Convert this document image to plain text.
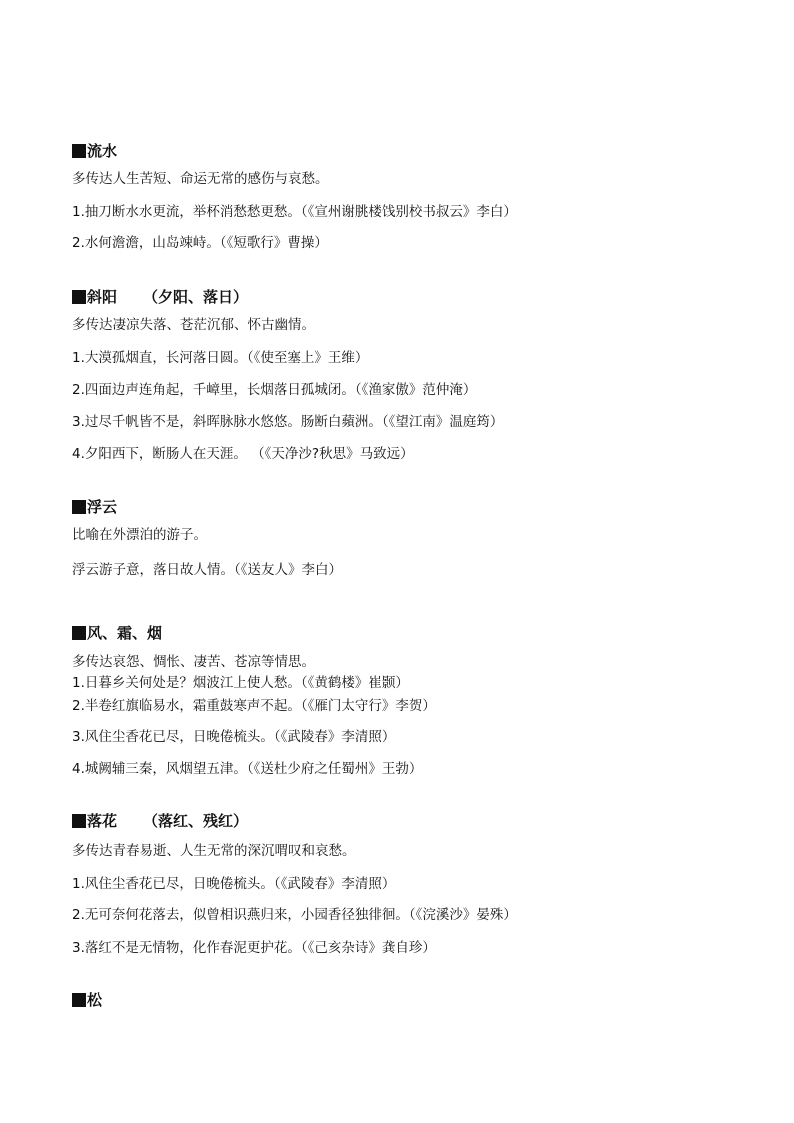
流水
多传达人生苦短、命运无常的感伤与哀愁。
1.抽刀断水水更流，举杯消愁愁更愁。（《宣州谢朓楼饯别校书叔云》李白）
2.水何澹澹，山岛竦峙。（《短歌行》曹操）
斜阳 （夕阳、落日）
多传达凄凉失落、苍茫沉郁、怀古幽情。
1.大漠孤烟直，长河落日圆。（《使至塞上》王维）
2.四面边声连角起，千嶂里，长烟落日孤城闭。（《渔家傲》范仲淹）
3.过尽千帆皆不是，斜晖脉脉水悠悠。肠断白蘋洲。（《望江南》温庭筠）
4.夕阳西下，断肠人在天涯。 （《天净沙?秋思》马致远）
浮云
比喻在外漂泊的游子。
浮云游子意，落日故人情。（《送友人》李白）
风、霜、烟
多传达哀怨、惆怅、凄苦、苍凉等情思。
1.日暮乡关何处是？烟波江上使人愁。（《黄鹤楼》崔颢）
2.半卷红旗临易水，霜重鼓寒声不起。（《雁门太守行》李贺）
3.风住尘香花已尽，日晚倦梳头。（《武陵春》李清照）
4.城阙辅三秦，风烟望五津。（《送杜少府之任蜀州》王勃）
落花 （落红、残红）
多传达青春易逝、人生无常的深沉喟叹和哀愁。
1.风住尘香花已尽，日晚倦梳头。（《武陵春》李清照）
2.无可奈何花落去，似曾相识燕归来，小园香径独徘徊。（《浣溪沙》晏殊）
3.落红不是无情物，化作春泥更护花。（《己亥杂诗》龚自珍）
松
